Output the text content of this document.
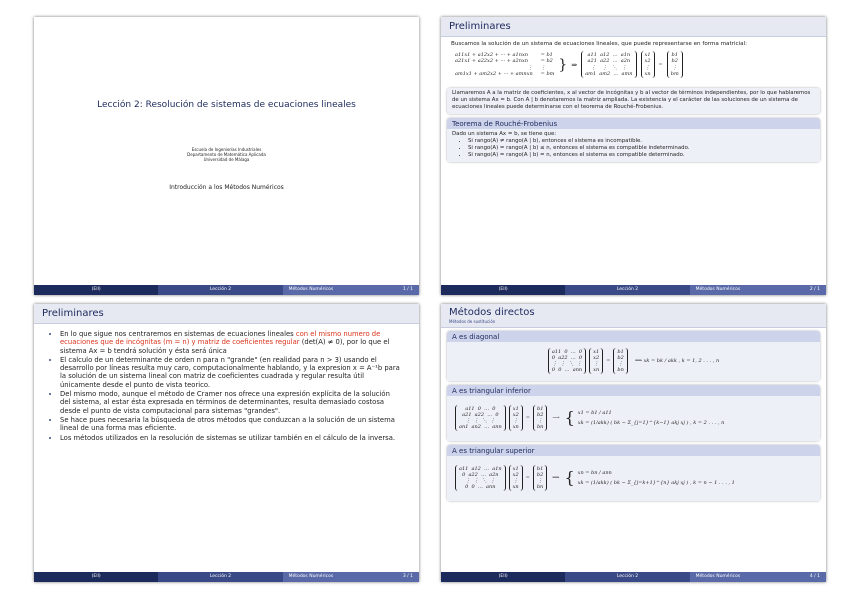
Lección 2: Resolución de sistemas de ecuaciones lineales
Escuela de Ingenierías Industriales
Departamento de Matemática Aplicada
Universidad de Málaga
Introducción a los Métodos Numéricos
(EII)	Lección 2	Métodos Numéricos	1 / 1
Preliminares
Buscamos la solución de un sistema de ecuaciones lineales, que puede representarse en forma matricial:
a11x1 + a12x2 + ··· + a1nxn
a21x1 + a22x2 + ··· + a2nxn
⋮
am1x1 + am2x2 + ··· + amnxn
= b1
= b2
⋮
= bm
} ⇒
a11  a12  …  a1n
a21  a22  …  a2n
⋮    ⋮   ⋱   ⋮
am1  am2  …  amn
x1
x2
⋮
xn
=
b1
b2
⋮
bm
Llamaremos A a la matriz de coeficientes, x al vector de incógnitas y b al vector de términos independientes, por lo que hablaremos de un sistema Ax = b. Con A | b denotaremos la matriz ampliada. La existencia y el carácter de las soluciones de un sistema de ecuaciones lineales puede determinarse con el teorema de Rouché-Frobenius.
Teorema de Rouché-Frobenius
Dado un sistema Ax = b, se tiene que:
• Si rango(A) ≠ rango(A | b), entonces el sistema es incompatible.
• Si rango(A) = rango(A | b) ≤ n, entonces el sistema es compatible indeterminado.
• Si rango(A) = rango(A | b) = n, entonces el sistema es compatible determinado.
(EII)	Lección 2	Métodos Numéricos	2 / 1
Preliminares
• En lo que sigue nos centraremos en sistemas de ecuaciones lineales con el mismo numero de ecuaciones que de incógnitas (m = n) y matriz de coeficientes regular (det(A) ≠ 0), por lo que el sistema Ax = b tendrá solución y ésta será única
• El calculo de un determinante de orden n para n "grande" (en realidad para n > 3) usando el desarrollo por líneas resulta muy caro, computacionalmente hablando, y la expresion x = A⁻¹b para la solución de un sistema lineal con matriz de coeficientes cuadrada y regular resulta útil únicamente desde el punto de vista teorico.
• Del mismo modo, aunque el método de Cramer nos ofrece una expresión explícita de la solución del sistema, al estar ésta expresada en términos de determinantes, resulta demasiado costosa desde el punto de vista computacional para sistemas "grandes".
• Se hace pues necesaria la búsqueda de otros métodos que conduzcan a la solución de un sistema lineal de una forma mas eficiente.
• Los métodos utilizados en la resolución de sistemas se utilizar también en el cálculo de la inversa.
(EII)	Lección 2	Métodos Numéricos	3 / 1
Métodos directos
Métodos de sustitución
A es diagonal
a11  0  …  0
0  a22  …  0
⋮  ⋮  ⋱  ⋮
0  0  …  ann
x1
x2
⋮
xn
=
b1
b2
⋮
bn
⟹ xk = bk / akk , k = 1, 2 . . . , n
A es triangular inferior
a11  0  …  0
a21  a22  …  0
⋮  ⋮  ⋱  ⋮
an1  an2  …  ann
x1
x2
⋮
xn
=
b1
b2
⋮
bn
⟶ { x1 = b1 / a11
xk = (1/akk) ( bk − Σ_{j=1}^{k−1} akj xj ) , k = 2 . . . , n
A es triangular superior
a11  a12  …  a1n
0  a22  …  a2n
⋮  ⋮  ⋱  ⋮
0  0  …  ann
x1
x2
⋮
xn
=
b1
b2
⋮
bn
⟹ { xn = bn / ann
xk = (1/akk) ( bk − Σ_{j=k+1}^{n} akj xj ) , k = n − 1 . . . , 1
(EII)	Lección 2	Métodos Numéricos	4 / 1
